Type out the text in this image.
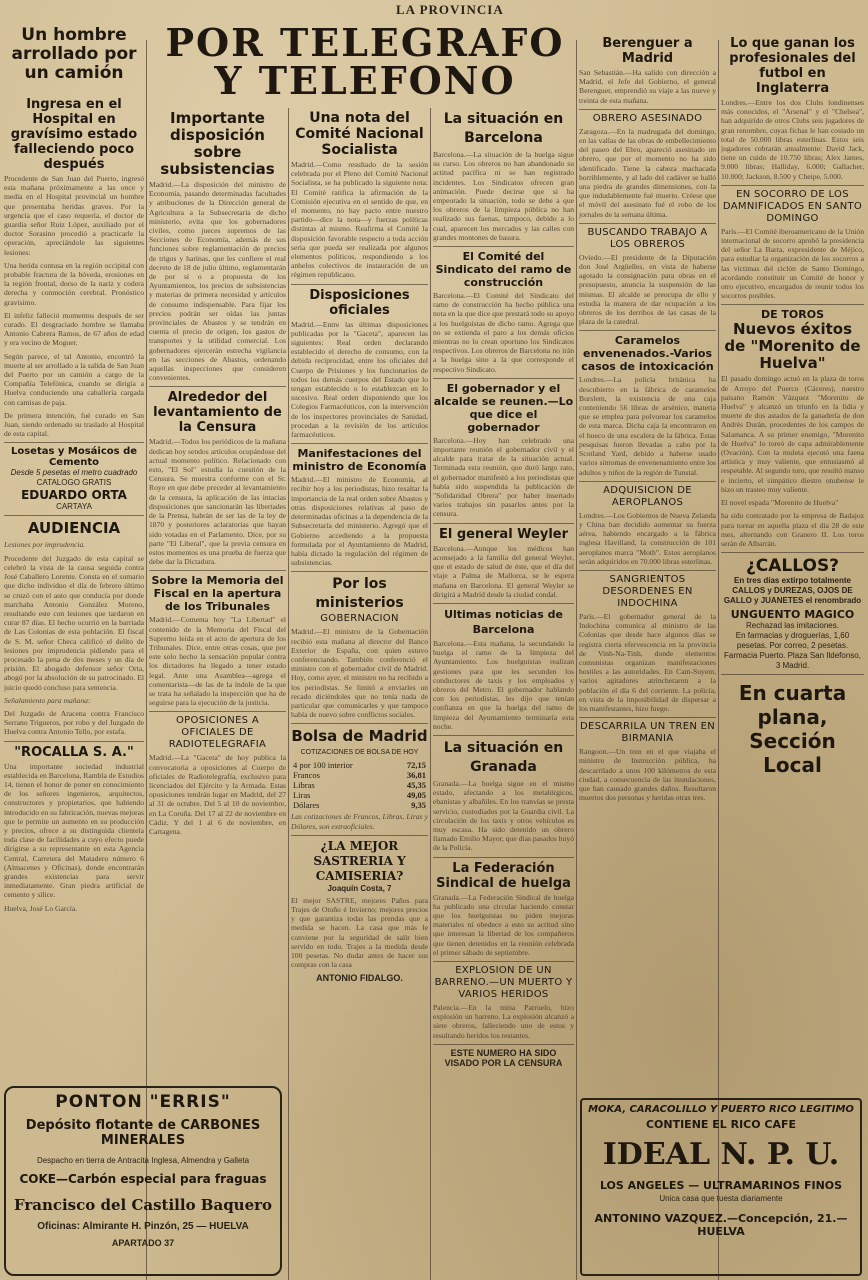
LA PROVINCIA
POR TELEGRAFO
Y TELEFONO
Un hombre arrollado por un camión
Ingresa en el Hospital en gravísimo estado falleciendo poco después

Procedente de San Juan del Puerto, ingresó esta mañana próximamente a las once y media en el Hospital provincial un hombre que presentaba heridas graves. Por la urgencia que el caso requería, el doctor de guardia señor Ruiz López, auxiliado por el doctor Sorasino procedió a practicarle la operación, apreciándole las siguientes lesiones:

Una herida contusa en la región occipital con probable fractura de la bóveda, erosiones en la región frontal, dorso de la nariz y codera derecha y conmoción cerebral. Pronóstico gravísimo.

El infeliz falleció momentos después de ser curado. El desgraciado hombre se llamaba Antonio Cabrera Ramos, de 67 años de edad y era vecino de Moguer.

Según parece, el tal Antonio, encontró la muerte al ser arrollado a la salida de San Juan del Puerto por un camión a cargo de la Compañía Telefónica, cuando se dirigía a Huelva conduciendo una caballería cargada con camisas de paja.

De primera intención, fué curado en San Juan, siendo ordenado su traslado al Hospital de esta capital.

Losetas y Mosáicos de Cemento
Desde 5 pesetas el metro cuadrado
CATALOGO GRATIS
EDUARDO ORTA
CARTAYA
AUDIENCIA

Lesiones por imprudencia.

Procedente del Juzgado de esta capital se celebró la vista de la causa seguida contra José Caballero Lorente. Consta en el sumario que dicho individuo el día de febrero último se cruzó con el auto que conducía por donde marchaba Antonio González Moreno, resultando este con lesiones que tardaron en curar 87 días. El hecho ocurrió en la barriada de Las Colonias de esta población. El fiscal de S. M. señor Checa calificó el delito de lesiones por imprudencia pidiendo para el procesado la pena de dos meses y un día de prisión. El abogado defensor señor Orta, abogó por la absolución de su patrocinado. El juicio quedó concluso para sentencia.

Señalamiento para mañana:

Del Juzgado de Aracena contra Francisco Serrano Trigueros, por robo y del Juzgado de Huelva contra Antonio Tello, por estafa.

"ROCALLA S. A."

Una importante sociedad industrial establecida en Barcelona, Rambla de Estudios 14, tienen el honor de poner en conocimiento de los señores ingenieros, arquitectos, constructores y propietarios, que habiendo introducido en su fabricación, nuevas mejoras que le permite un aumento en su producción y precios, ofrece a su distinguida clientela toda clase de facilidades a cuyo efecto puede dirigirse a su representante en esta Agencia Central, Carretera del Matadero número 6 (Almacenes y Oficinas), donde encontrarán grandes existencias para servir inmediatamente. Gran piedra artificial de cemento y sílice.

Huelva, José Lo García.

PONTON "ERRIS"
Depósito flotante de CARBONES MINERALES
Despacho en tierra de Antracita Inglesa, Almendra y Galleta
COKE—Carbón especial para fraguas
Francisco del Castillo Baquero
Oficinas: Almirante H. Pinzón, 25 — HUELVA
APARTADO 37
Importante disposición sobre subsistencias

Madrid.—La disposición del ministro de Economía, pasando determinadas facultades y atribuciones de la Dirección general de Agricultura a la Subsecretaría de dicho ministerio, evita que los gobernadores civiles, como jueces supremos de las Secciones de Economía, además de sus funciones sobre reglamentación de precios de trigos y harinas, que les confiere el real decreto de 18 de julio último, reglamentarán de por sí o a propuesta de los Ayuntamientos, los precios de subsistencias y materias de primera necesidad y artículos de consumo indispensable. Para fijar los precios podrán ser oídas las juntas provinciales de Abastos y se tendrán en cuenta el precio de origen, los gastos de transportes y la utilidad comercial. Los gobernadores ejercerán estrecha vigilancia en las secciones de Abastos, ordenando aquellas inspecciones que consideren convenientes.

Alrededor del levantamiento de la Censura

Madrid.—Todos los periódicos de la mañana dedican hoy sendos artículos ocupándose del actual momento político. Relacionado con esto, "El Sol" estudia la cuestión de la Censura. Se muestra conforme con el Sr. Royo en que debe preceder al levantamiento de la censura, la aplicación de las intacias disposiciones que sancionarán las libertades de la Prensa, habrán de ser las de la ley de 1870 y posteriores aclaratorias que hayan sido votadas en el Parlamento. Dice, por su parte "El Liberal", que la previa censura en estos momentos es una prueba de fuerza que debe dar la Dictadura.

Sobre la Memoria del Fiscal en la apertura de los Tribunales

Madrid.—Comenta hoy "La Libertad" el contenido de la Memoria del Fiscal del Supremo leída en el acto de apertura de los Tribunales. Dice, entre otras cosas, que por este solo hecho la sensación popular contra los dictadores ha llegado a tener estado legal. Ante una Asamblea—agrega el comentarista—de las de la índole de la que se trata ha señalado la inspección que ha de seguirse para la ejecución de la justicia.

OPOSICIONES A OFICIALES DE RADIOTELEGRAFIA

Madrid.—La "Gaceta" de hoy publica la convocatoria a oposiciones al Cuerpo de oficiales de Radiotelegrafía, exclusivo para licenciados del Ejército y la Armada. Estas oposiciones tendrán lugar en Madrid, del 27 al 31 de octubre. Del 5 al 10 de noviembre, en La Coruña. Del 17 al 22 de noviembre en Cádiz. Y del 1 al 6 de noviembre, en Cartagena.

Una nota del Comité Nacional Socialista

Madrid.—Como resultado de la sesión celebrada por el Pleno del Comité Nacional Socialista, se ha publicado la siguiente nota: El Comité ratifica la afirmación de la Comisión ejecutiva en el sentido de que, en el momento, no hay pacto entre nuestro partido—dice la nota—y fuerzas políticas distintas al mismo. Reafirma el Comité la disposición favorable respecto a toda acción seria que pueda ser realizada por algunos elementos políticos, respondiendo a los anhelos colectivos de instauración de un régimen republicano.

Disposiciones oficiales

Madrid.—Entre las últimas disposiciones publicadas por la "Gaceta", aparecen las siguientes: Real orden declarando establecido el derecho de consumo, con la debida reciprocidad, entre los oficiales del Cuerpo de Prisiones y los funcionarios de todos los demás cuerpos del Estado que lo tengan establecido o lo establezcan en lo sucesivo. Real orden disponiendo que los Colegios Farmacéuticos, con la intervención de los inspectores provinciales de Sanidad, procedan a la revisión de los artículos farmacéuticos.

Manifestaciones del ministro de Economía

Madrid.—El ministro de Economía, al recibir hoy a los periodistas, hizo resaltar la importancia de la real orden sobre Abastos y otras disposiciones relativas al paso de determinadas oficinas a la dependencia de la Subsecretaría del ministerio. Agregó que el Gobierno accediendo a la propuesta formulada por el Ayuntamiento de Madrid, había dictado la regulación del régimen de subsistencias.

Por los ministerios
GOBERNACION

Madrid.—El ministro de la Gobernación recibió esta mañana al director del Banco Exterior de España, con quien estuvo conferenciando. También conferenció el ministro con el gobernador civil de Madrid. Hoy, como ayer, el ministro no ha recibido a los periodistas. Se limitó a enviarles un recado diciéndoles que no tenía nada de particular que comunicarles y que tampoco había de nuevo sobre conflictos sociales.

Bolsa de Madrid
COTIZACIONES DE BOLSA DE HOY
4 por 100 interior	72,15
Francos	36,81
Libras	45,35
Liras	49,05
Dólares	9,35

Las cotizaciones de Francos, Libras, Liras y Dólares, son extraoficiales.

¿LA MEJOR SASTRERIA Y CAMISERIA?
Joaquín Costa, 7

El mejor SASTRE, mejores Paños para Trajes de Otoño é Invierno; mejores precios y que garantiza todas las prendas que a medida se hacen. La casa que más le conviene por la seguridad de salir bien servido en todo. Trajes a la medida desde 100 pesetas. No dudar antes de hacer sus compras con la casa

ANTONIO FIDALGO.
La situación en Barcelona

Barcelona.—La situación de la huelga sigue su curso. Los obreros no han abandonado su actitud pacífica ni se han registrado incidentes. Los Sindicatos ofrecen gran animación. Puede decirse que si ha empeorado la situación, todo se debe a que los obreros de la limpieza pública no han realizado sus faenas, tampoco, debido a lo cual, aparecen los mercados y las calles con grandes montones de basura.

El Comité del Sindicato del ramo de construcción

Barcelona.—El Comité del Sindicato del ramo de construcción ha hecho pública una nota en la que dice que prestará todo su apoyo a los huelguistas de dicho ramo. Agrega que no se extienda el paro a los demás oficios mientras no lo crean oportuno los Sindicatos respectivos. Los obreros de Barcelona no irán a la huelga sino a la que corresponde el respectivo Sindicato.

El gobernador y el alcalde se reunen.—Lo que dice el gobernador

Barcelona.—Hoy han celebrado una importante reunión el gobernador civil y el alcalde para tratar de la situación actual. Terminada esta reunión, que duró largo rato, el gobernador manifestó a los periodistas que había sido suspendida la publicación de "Solidaridad Obrera" por haber insertado varios trabajos sin pasarlos antes por la censura.

El general Weyler

Barcelona.—Aunque los médicos han aconsejado a la familia del general Weyler, que el estado de salud de éste, que el día del viaje a Palma de Mallorca, se le espera mañana en Barcelona. El general Weyler se dirigirá a Madrid desde la ciudad condal.

Ultimas noticias de Barcelona

Barcelona.—Esta mañana, la secundando la huelga el ramo de la limpieza del Ayuntamiento. Los huelguistas realizan gestiones para que les secunden los conductores de taxis y los empleados y obreros del Metro. El gobernador hablando con los periodistas, les dijo que tenían confianza en que la huelga del ramo de limpieza del Ayuntamiento terminaría esta noche.

La situación en Granada

Granada.—La huelga sigue en el mismo estado, afectando a los metalúrgicos, ebanistas y albañiles. En los tranvías se presta servicio, custodiados por la Guardia civil. La circulación de los taxis y otros vehículos es muy escasa. Ha sido detenido un obrero llamado Emilio Mayor, que días pasados huyó de la Policía.

La Federación Sindical de huelga

Granada.—La Federación Sindical de huelga ha publicado una circular haciendo constar que los huelguistas no piden mejoras materiales ni obedece a esto su actitud sino que interesan la libertad de los compañeros que tienen detenidos en la reunión celebrada el primer sábado de septiembre.

EXPLOSION DE UN BARRENO.—UN MUERTO Y VARIOS HERIDOS

Palencia.—En la mina Parruelo, hizo explosión un barreno. La explosión alcanzó a siete obreros, falleciendo uno de estos y resultando heridos los restantes.

ESTE NUMERO HA SIDO VISADO POR LA CENSURA
Berenguer a Madrid

San Sebastián.—Ha salido con dirección a Madrid, el Jefe del Gobierno, el general Berenguer, emprendió su viaje a las nueve y treinta de esta mañana.

OBRERO ASESINADO

Zaragoza.—En la madrugada del domingo, en las vallas de las obras de embellecimiento del paseo del Ebro, apareció asesinado un obrero, que por el momento no ha sido identificado. Tiene la cabeza machacada horriblemente, y al lado del cadáver se halló una piedra de grandes dimensiones, con la que indudablemente fué muerto. Créese que el móvil del asesinato fué el robo de los jornales de la semana última.

BUSCANDO TRABAJO A LOS OBREROS

Oviedo.—El presidente de la Diputación don José Argüelles, en vista de haberse agotado la consignación para obras en el presupuesto, anuncia la suspensión de las mismas. El alcalde se preocupa de ello y estudia la manera de dar ocupación a los obreros de los derribos de las casas de la plaza de la catedral.

Caramelos envenenados.-Varios casos de intoxicación

Londres.—La policía británica ha descubierto en la fábrica de caramelos Burslem, la existencia de una caja conteniendo 56 libras de arsénico, materia que se emplea para polvorear los caramelos de esta marca. Dicha caja la encontraron en el hueco de una escalera de la fábrica. Estas pesquisas fueron llevadas a cabo por la Scotland Yard, debido a haberse usado varios síntomas de envenenamiento entre los adultos y niños de la región de Tunstal.

ADQUISICION DE AEROPLANOS

Londres.—Los Gobiernos de Nueva Zelanda y China han decidido aumentar su fuerza aérea, habiendo encargado a la fábrica inglesa Havilland, la construcción de 101 aeroplanos marca "Moth". Estos aeroplanos serán adquiridos en 70.000 libras esterlinas.

SANGRIENTOS DESORDENES EN INDOCHINA

París.—El gobernador general de la Indochina comunica al ministro de las Colonias que desde hace algunos días se registra cierta efervescencia en la provincia de Vinh-Na-Tinh, donde elementos comunistas organizan manifestaciones hostiles a las autoridades. En Cam-Suyem, varios agitadores atrincheraron a la población el día 6 del corriente. La policía, en vista de la imposibilidad de dispersar a los manifestantes, hizo fuego.

DESCARRILA UN TREN EN BIRMANIA

Rangoon.—Un tren en el que viajaba el ministro de Instrucción pública, ha descarrilado a unos 100 kilómetros de esta ciudad, a consecuencia de las inundaciones, que han causado grandes daños. Resultaron muertos dos personas y heridas otras tres.

Lo que ganan los profesionales del futbol en Inglaterra

Londres.—Entre los dos Clubs londinenses más conocidos, el "Arsenal" y el "Chelsea", han adquirido de otros Clubs seis jugadores de gran renombre, cuyas fichas le han costado un total de 50.000 libras esterlinas. Estos seis jugadores cobrarán anualmente: David Jack, tiene un cuido de 10.750 libras; Alex James, 9.000 libras; Halliday, 6.000; Gallacher, 10.000; Jackson, 8.500 y Cheipe, 5.000.

EN SOCORRO DE LOS DAMNIFICADOS EN SANTO DOMINGO

París.—El Comité iberoamericano de la Unión internacional de socorro aprobó la presidencia del señor La Barra, expresidente de Méjico, para estudiar la organización de los socorros a las víctimas del ciclón de Santo Domingo, acordando constituir un Comité de honor y otro ejecutivo, encargados de reunir todos los socorros posibles.

DE TOROS
Nuevos éxitos de "Morenito de Huelva"

El pasado domingo actuó en la plaza de toros de Arroyo del Puerco (Cáceres), nuestro paisano Ramón Vázquez "Morenito de Huelva" y alcanzó un triunfo en la lidia y muerte de dos astados de la ganadería de don Andrés Durán, procedentes de los campos de Salamanca. A su primer enemigo, "Morenito de Huelva" lo toreó de capa admirablemente (Ovación). Con la muleta ejecutó una faena artística y muy valiente, que entusiasmó al respetable. Al segundo toro, que resultó manso e incierto, el simpático diestro onubense le hizo un trasteo muy valiente.

El novel espada "Morenito de Huelva"

ha sido contratado por la empresa de Badajoz para torear en aquella plaza el día 28 de este mes, alternando con Granero II. Los toros serán de Albarrán.

¿CALLOS?
En tres días extirpo totalmente CALLOS y DUREZAS, OJOS DE GALLO y JUANETES el renombrado
UNGUENTO MAGICO
Rechazad las imitaciones.
En farmacias y droguerías, 1,60 pesetas. Por correo, 2 pesetas.
Farmacia Puerto. Plaza San Ildefonso, 3 Madrid.
En cuarta plana, Sección Local
MOKA, CARACOLILLO Y PUERTO RICO LEGITIMO
CONTIENE EL RICO CAFE
IDEAL N. P. U.
LOS ANGELES — ULTRAMARINOS FINOS
Unica casa que tuesta diariamente
ANTONINO VAZQUEZ.—Concepción, 21.—HUELVA
